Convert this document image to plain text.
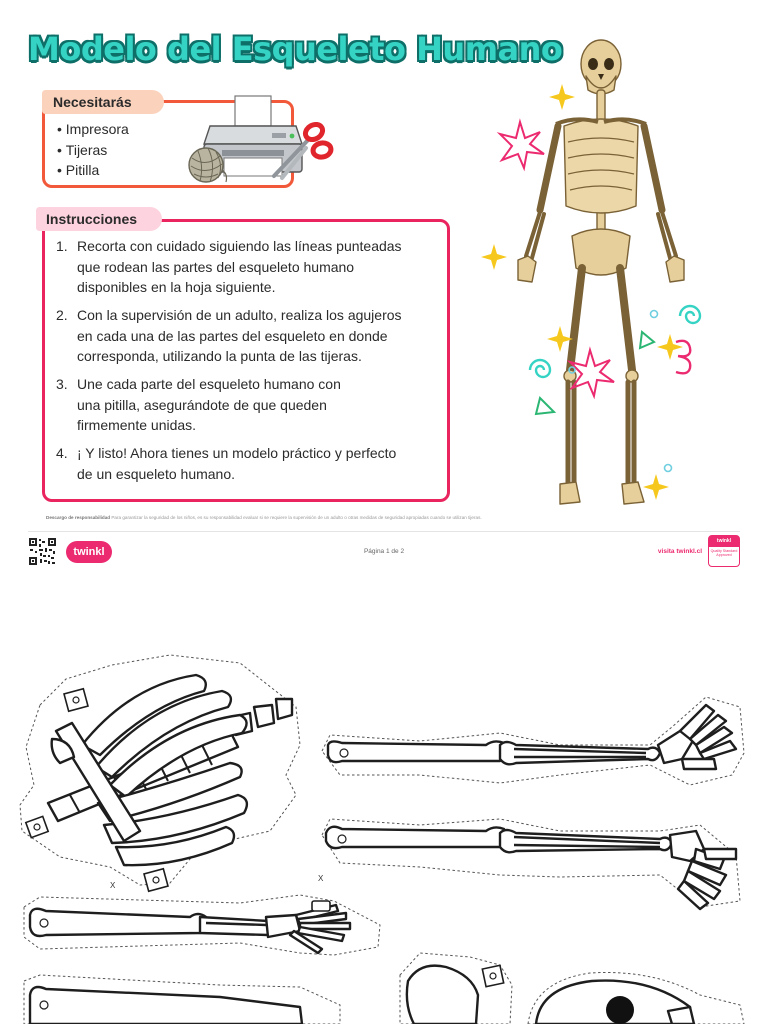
Modelo del Esqueleto Humano
Necesitarás
• Impresora
• Tijeras
• Pitilla
Instrucciones
1. Recorta con cuidado siguiendo las líneas punteadas
que rodean las partes del esqueleto humano
disponibles en la hoja siguiente.
2. Con la supervisión de un adulto, realiza los agujeros
en cada una de las partes del esqueleto en donde
corresponda, utilizando la punta de las tijeras.
3. Une cada parte del esqueleto humano con
una pitilla, asegurándote de que queden
firmemente unidas.
4. ¡ Y listo! Ahora tienes un modelo práctico y perfecto
de un esqueleto humano.
Descargo de responsabilidad Para garantizar la seguridad de los niños, es su responsabilidad evaluar si se requiere la supervisión de un adulto o otras medidas de seguridad apropiadas cuando se utilizan tijeras.
twinkl	Página 1 de 2	visita twinkl.cl
twinkl
Quality Standard Approved
X
X
